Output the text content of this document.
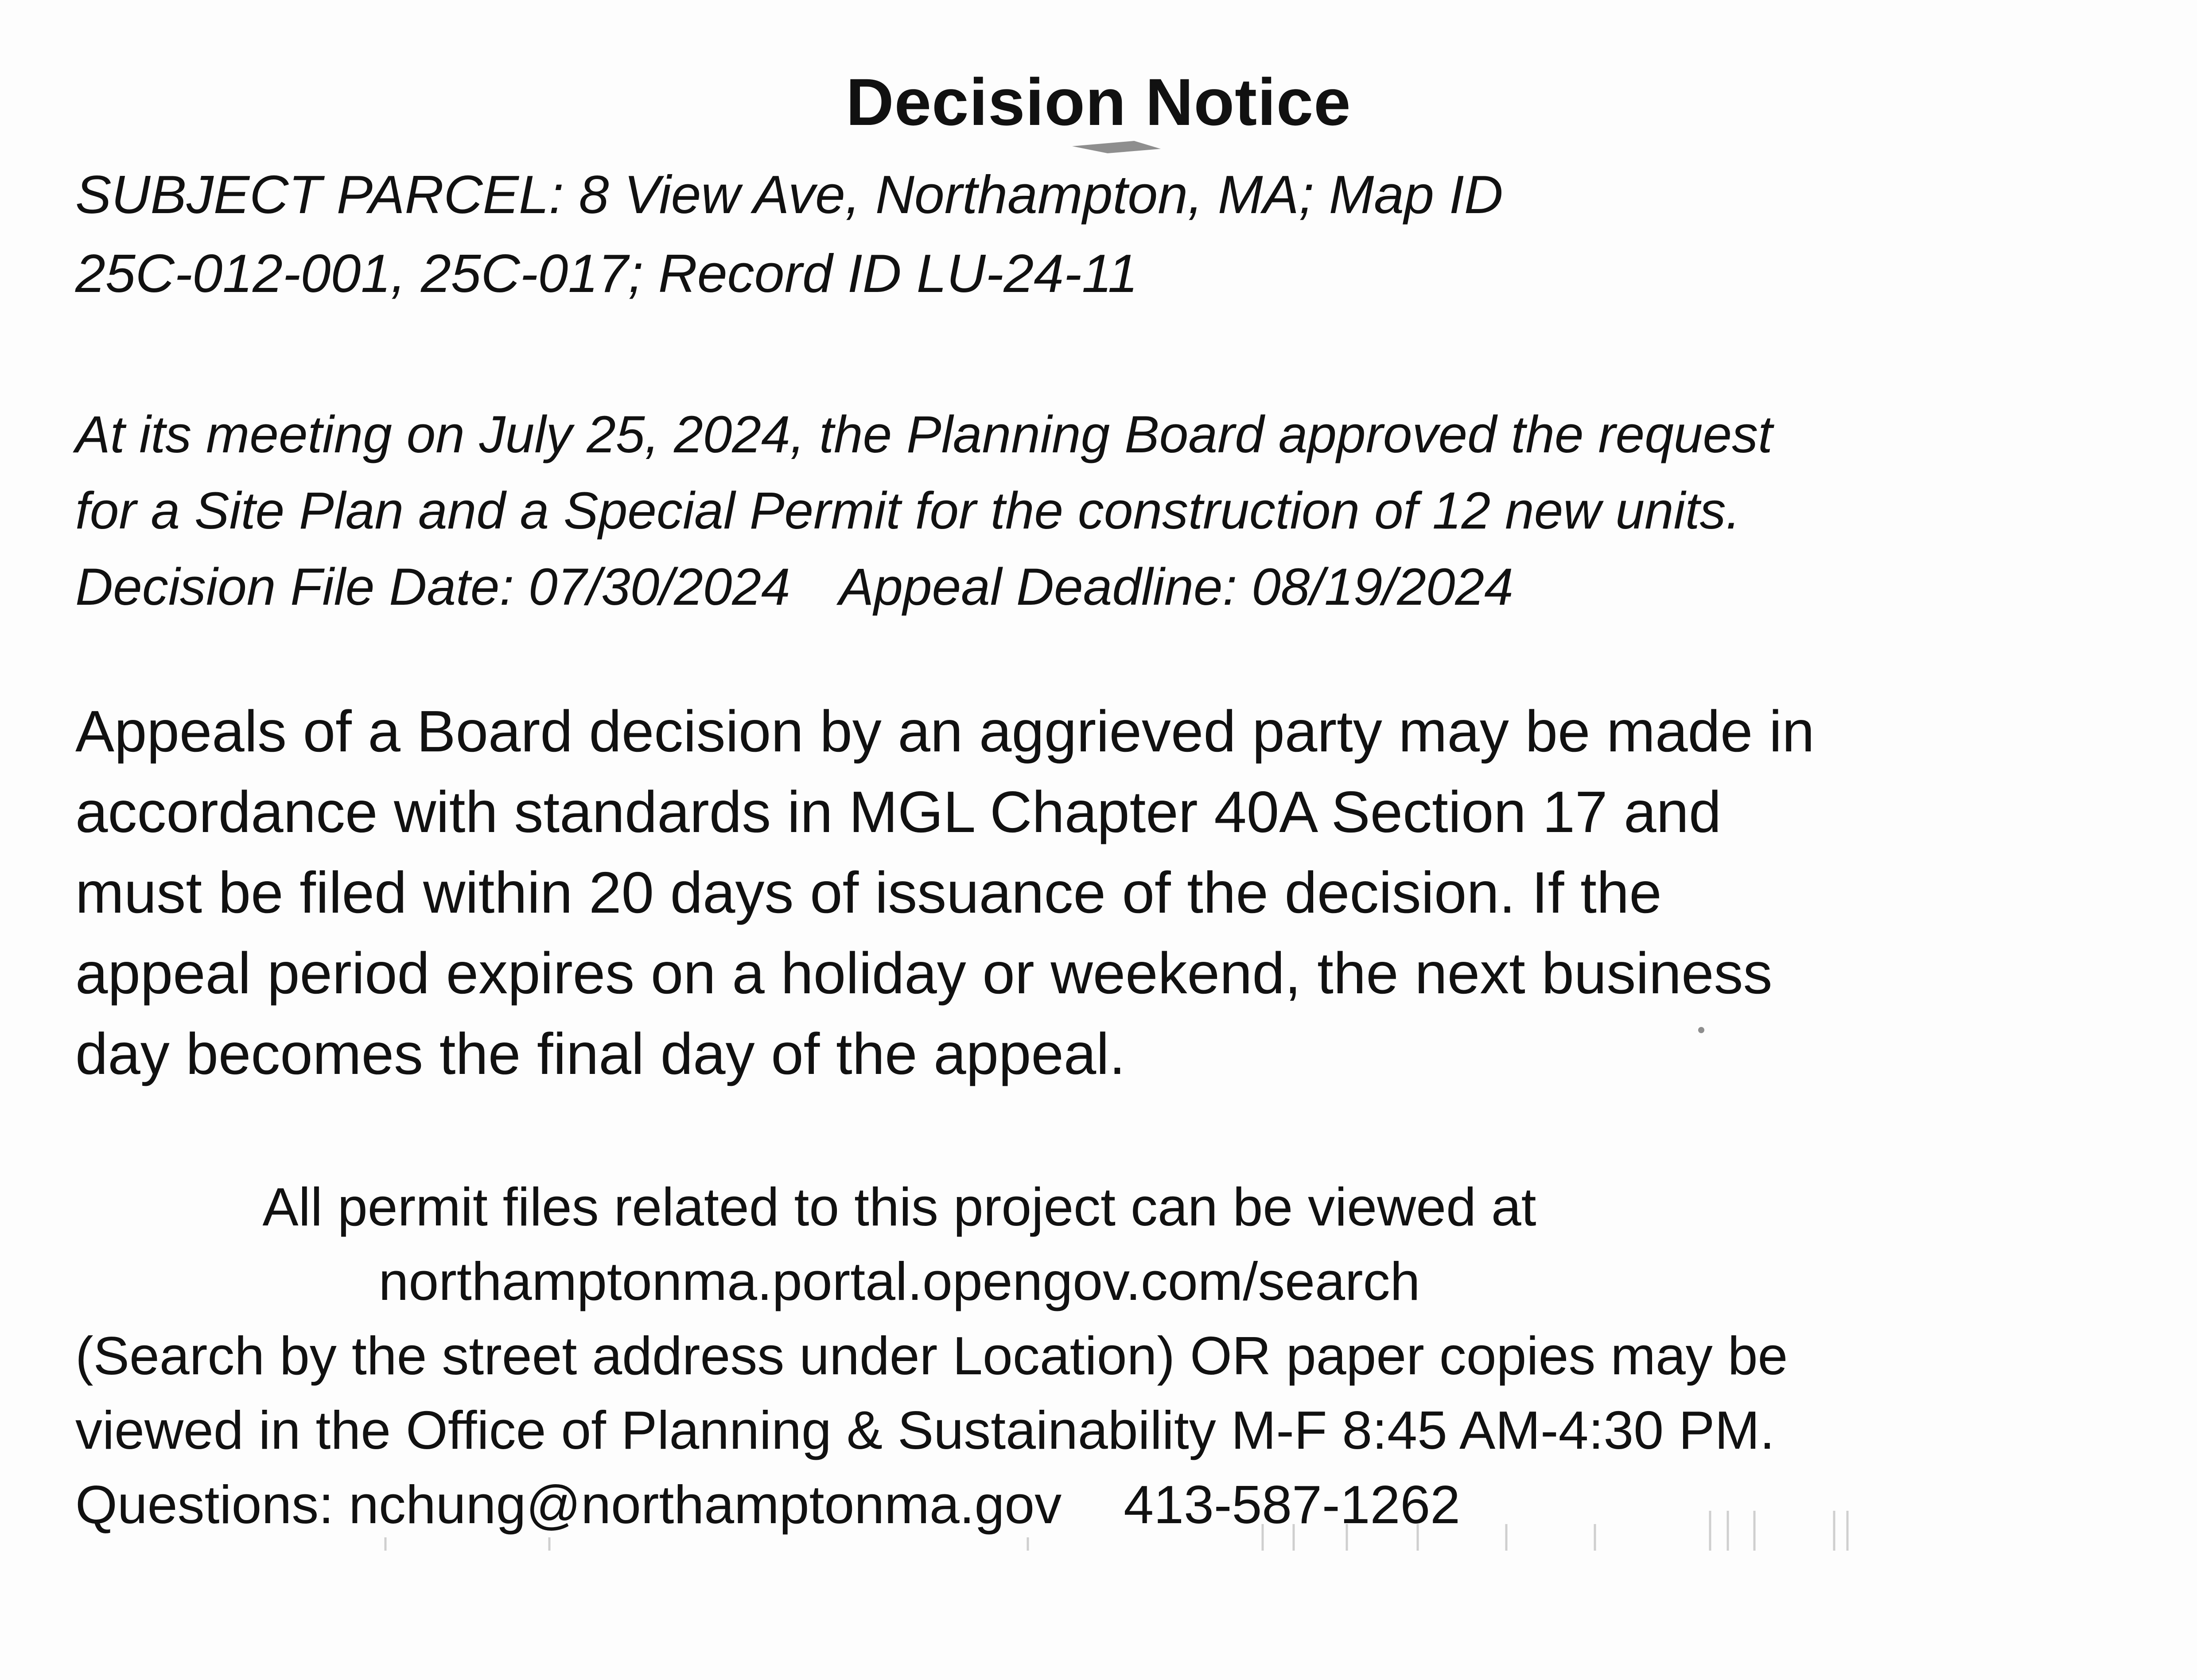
Decision Notice
SUBJECT PARCEL: 8 View Ave, Northampton, MA; Map ID
25C-012-001, 25C-017; Record ID LU-24-11
At its meeting on July 25, 2024, the Planning Board approved the request
for a Site Plan and a Special Permit for the construction of 12 new units.
Decision File Date: 07/30/2024 Appeal Deadline: 08/19/2024
Appeals of a Board decision by an aggrieved party may be made in
accordance with standards in MGL Chapter 40A Section 17 and
must be filed within 20 days of issuance of the decision. If the
appeal period expires on a holiday or weekend, the next business
day becomes the final day of the appeal.
All permit files related to this project can be viewed at
northamptonma.portal.opengov.com/search
(Search by the street address under Location) OR paper copies may be
viewed in the Office of Planning & Sustainability M-F 8:45 AM-4:30 PM.
Questions: nchung@northamptonma.gov 413-587-1262
